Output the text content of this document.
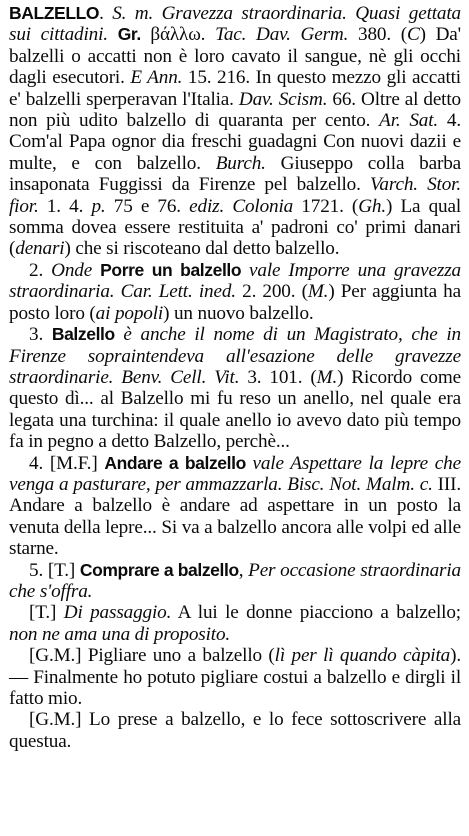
BALZELLO. S. m. Gravezza straordinaria. Quasi gettata sui cittadini. Gr. βάλλω. Tac. Dav. Germ. 380. (C) Da' balzelli o accatti non è loro cavato il sangue, nè gli occhi dagli esecutori. E Ann. 15. 216. In questo mezzo gli accatti e' balzelli sperperavan l'Italia. Dav. Scism. 66. Oltre al detto non più udito balzello di quaranta per cento. Ar. Sat. 4. Com'al Papa ognor dia freschi guadagni Con nuovi dazii e multe, e con balzello. Burch. Giuseppo colla barba insaponata Fuggissi da Firenze pel balzello. Varch. Stor. fior. 1. 4. p. 75 e 76. ediz. Colonia 1721. (Gh.) La qual somma dovea essere restituita a' padroni co' primi danari (denari) che si riscoteano dal detto balzello.

2. Onde Porre un balzello vale Imporre una gravezza straordinaria. Car. Lett. ined. 2. 200. (M.) Per aggiunta ha posto loro (ai popoli) un nuovo balzello.

3. Balzello è anche il nome di un Magistrato, che in Firenze sopraintendeva all'esazione delle gravezze straordinarie. Benv. Cell. Vit. 3. 101. (M.) Ricordo come questo dì... al Balzello mi fu reso un anello, nel quale era legata una turchina: il quale anello io avevo dato più tempo fa in pegno a detto Balzello, perchè...

4. [M.F.] Andare a balzello vale Aspettare la lepre che venga a pasturare, per ammazzarla. Bisc. Not. Malm. c. III. Andare a balzello è andare ad aspettare in un posto la venuta della lepre... Si va a balzello ancora alle volpi ed alle starne.

5. [T.] Comprare a balzello, Per occasione straordinaria che s'offra.

[T.] Di passaggio. A lui le donne piacciono a balzello; non ne ama una di proposito.

[G.M.] Pigliare uno a balzello (lì per lì quando càpita). — Finalmente ho potuto pigliare costui a balzello e dirgli il fatto mio.

[G.M.] Lo prese a balzello, e lo fece sottoscrivere alla questua.
